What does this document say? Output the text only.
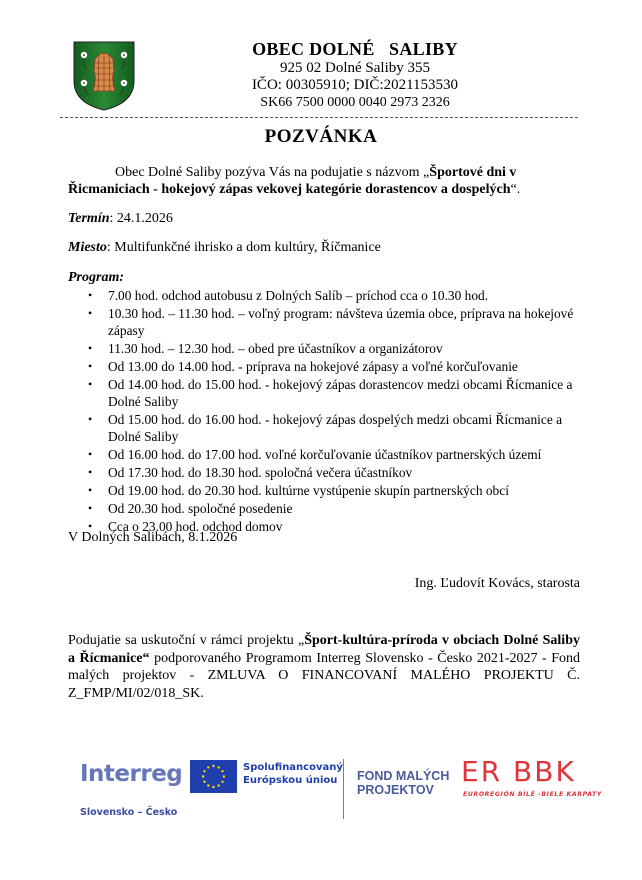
OBEC DOLNÉ   SALIBY
925 02 Dolné Saliby 355
IČO: 00305910; DIČ:2021153530
SK66 7500 0000 0040 2973 2326
POZVÁNKA
Obec Dolné Saliby pozýva Vás na podujatie s názvom „Športové dni v Řicmaniciach - hokejový zápas vekovej kategórie dorastencov a dospelých“.
Termín: 24.1.2026
Miesto: Multifunkčné ihrisko a dom kultúry, Říčmanice
Program:
• 7.00 hod. odchod autobusu z Dolných Salíb – príchod cca o 10.30 hod.
• 10.30 hod. – 11.30 hod. – voľný program: návšteva územia obce, príprava na hokejové zápasy
• 11.30 hod. – 12.30 hod. – obed pre účastníkov a organizátorov
• Od 13.00 do 14.00 hod. - príprava na hokejové zápasy a voľné korčuľovanie
• Od 14.00 hod. do 15.00 hod. - hokejový zápas dorastencov medzi obcami Řícmanice a Dolné Saliby
• Od 15.00 hod. do 16.00 hod. - hokejový zápas dospelých medzi obcami Řícmanice a Dolné Saliby
• Od 16.00 hod. do 17.00 hod. voľné korčuľovanie účastníkov partnerských území
• Od 17.30 hod. do 18.30 hod. spoločná večera účastníkov
• Od 19.00 hod. do 20.30 hod. kultúrne vystúpenie skupín partnerských obcí
• Od 20.30 hod. spoločné posedenie
• Cca o 23.00 hod. odchod domov
V Dolných Salibách, 8.1.2026
Ing. Ľudovít Kovács, starosta
Podujatie sa uskutoční v rámci projektu „Šport-kultúra-príroda v obciach Dolné Saliby a Řícmanice“ podporovaného Programom Interreg Slovensko - Česko 2021-2027 - Fond malých projektov - ZMLUVA O FINANCOVANÍ MALÉHO PROJEKTU Č. Z_FMP/MI/02/018_SK.
Interreg
Slovensko – Česko
Spolufinancovaný
Európskou úniou	FOND MALÝCH
PROJEKTOV
ER BBK
EUROREGIÓN BÍLÉ -BIELE KARPATY
